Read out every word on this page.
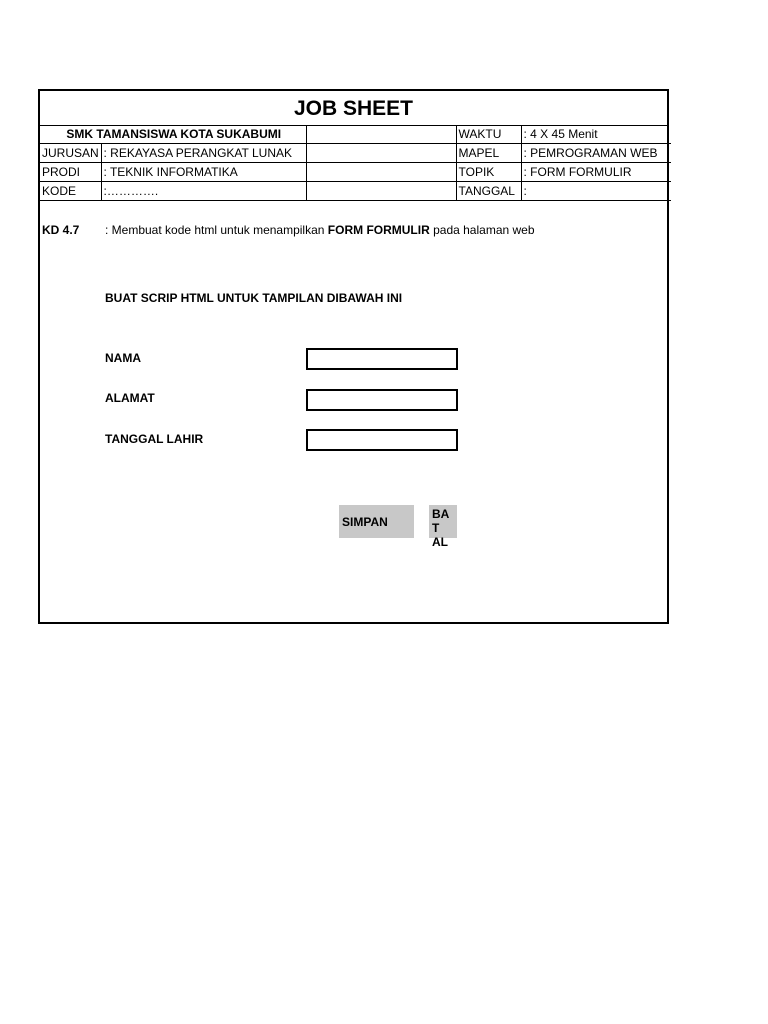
JOB SHEET
SMK TAMANSISWA KOTA SUKABUMI			WAKTU	: 4 X 45 Menit
JURUSAN	: REKAYASA PERANGKAT LUNAK		MAPEL	: PEMROGRAMAN WEB
PRODI	: TEKNIK INFORMATIKA		TOPIK	: FORM FORMULIR
KODE	:………….		TANGGAL	:
KD 4.7 : Membuat kode html untuk menampilkan FORM FORMULIR pada halaman web
BUAT SCRIP HTML UNTUK TAMPILAN DIBAWAH INI
NAMA
ALAMAT
TANGGAL LAHIR
SIMPAN
BAT
AL
